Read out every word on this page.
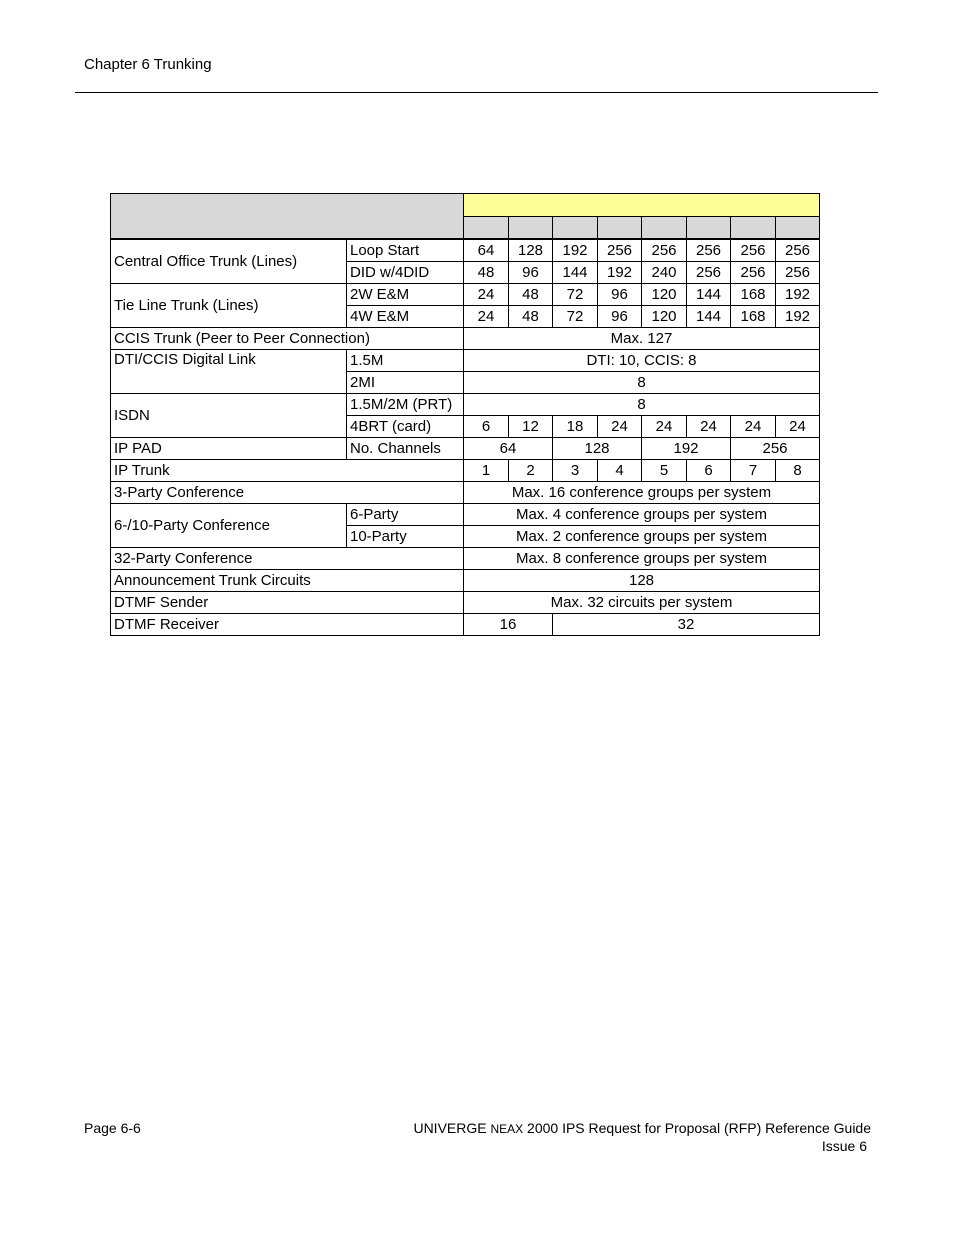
Chapter 6 Trunking

Central Office Trunk (Lines)	Loop Start	64	128	192	256	256	256	256	256
	DID w/4DID	48	96	144	192	240	256	256	256
Tie Line Trunk (Lines)	2W E&M	24	48	72	96	120	144	168	192
	4W E&M	24	48	72	96	120	144	168	192
CCIS Trunk (Peer to Peer Connection)		Max. 127							
DTI/CCIS Digital Link	1.5M	DTI: 10, CCIS: 8							
	2MI	8							
ISDN	1.5M/2M (PRT)	8							
	4BRT (card)	6	12	18	24	24	24	24	24
IP PAD	No. Channels	64		128		192		256	
IP Trunk		1	2	3	4	5	6	7	8
3-Party Conference		Max. 16 conference groups per system							
6-/10-Party Conference	6-Party	Max. 4 conference groups per system							
	10-Party	Max. 2 conference groups per system							
32-Party Conference		Max. 8 conference groups per system							
Announcement Trunk Circuits		128							
DTMF Sender		Max. 32 circuits per system							
DTMF Receiver		16		32					
Page 6-6	UNIVERGE NEAX 2000 IPS Request for Proposal (RFP) Reference Guide
Issue 6
